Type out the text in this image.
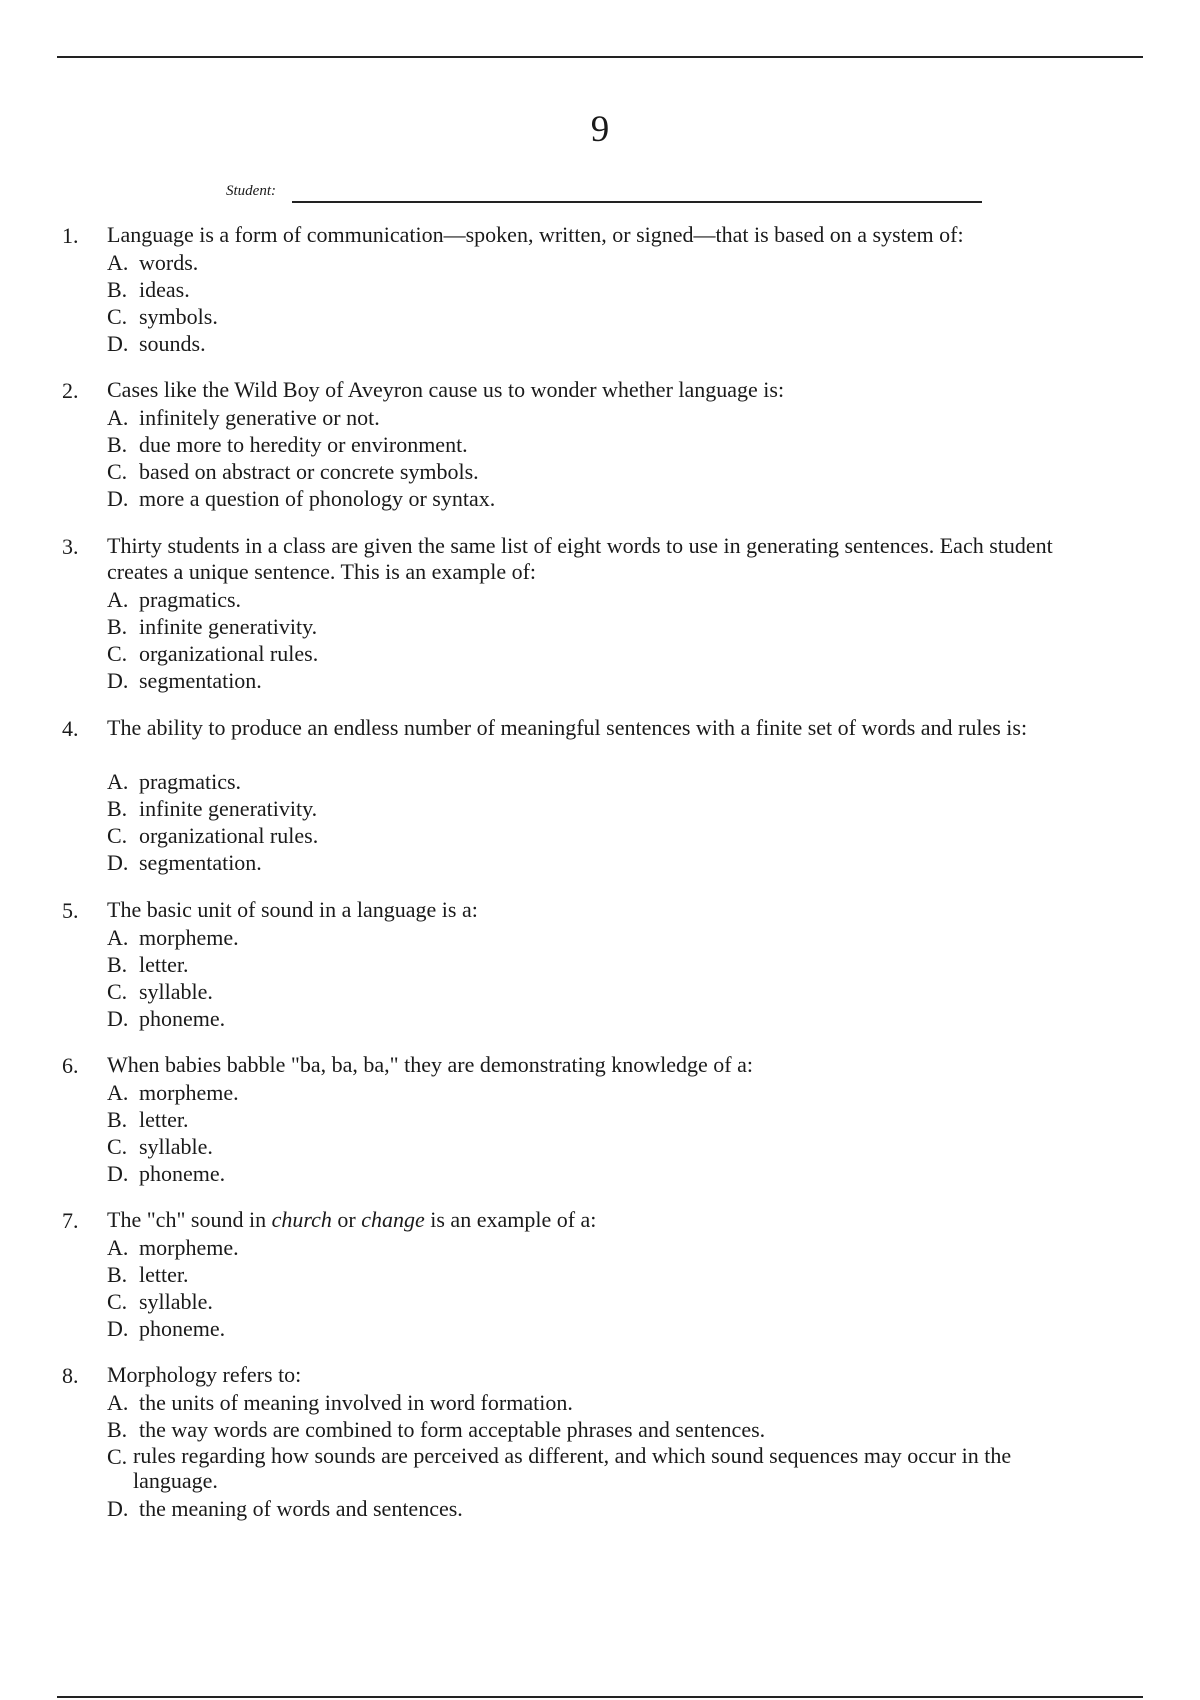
9
Student:
1. Language is a form of communication—spoken, written, or signed—that is based on a system of:
A. words.
B. ideas.
C. symbols.
D. sounds.
2. Cases like the Wild Boy of Aveyron cause us to wonder whether language is:
A. infinitely generative or not.
B. due more to heredity or environment.
C. based on abstract or concrete symbols.
D. more a question of phonology or syntax.
3. Thirty students in a class are given the same list of eight words to use in generating sentences. Each student creates a unique sentence. This is an example of:
A. pragmatics.
B. infinite generativity.
C. organizational rules.
D. segmentation.
4. The ability to produce an endless number of meaningful sentences with a finite set of words and rules is:
A. pragmatics.
B. infinite generativity.
C. organizational rules.
D. segmentation.
5. The basic unit of sound in a language is a:
A. morpheme.
B. letter.
C. syllable.
D. phoneme.
6. When babies babble "ba, ba, ba," they are demonstrating knowledge of a:
A. morpheme.
B. letter.
C. syllable.
D. phoneme.
7. The "ch" sound in church or change is an example of a:
A. morpheme.
B. letter.
C. syllable.
D. phoneme.
8. Morphology refers to:
A. the units of meaning involved in word formation.
B. the way words are combined to form acceptable phrases and sentences.
C. rules regarding how sounds are perceived as different, and which sound sequences may occur in the language.
D. the meaning of words and sentences.
